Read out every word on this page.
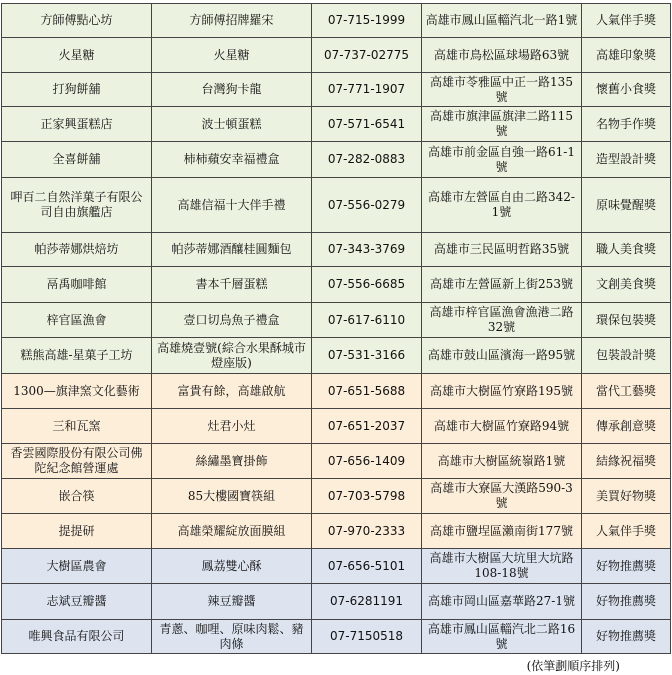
方師傅點心坊	方師傅招牌羅宋	07-715-1999	高雄市鳳山區輜汽北一路1號	人氣伴手獎
火星糖	火星糖	07-737-02775	高雄市鳥松區球場路63號	高雄印象獎
打狗餅舖	台灣狗卡龍	07-771-1907	高雄市苓雅區中正一路135號	懷舊小食獎
正家興蛋糕店	波士頓蛋糕	07-571-6541	高雄市旗津區旗津二路115號	名物手作獎
全喜餅舖	柿柿蘋安幸福禮盒	07-282-0883	高雄市前金區自強一路61-1號	造型設計獎
呷百二自然洋菓子有限公司自由旗艦店	高雄信福十大伴手禮	07-556-0279	高雄市左營區自由二路342-1號	原味覺醒獎
帕莎蒂娜烘焙坊	帕莎蒂娜酒釀桂圓麵包	07-343-3769	高雄市三民區明哲路35號	職人美食獎
鬲禹咖啡館	書本千層蛋糕	07-556-6685	高雄市左營區新上街253號	文創美食獎
梓官區漁會	壹口切烏魚子禮盒	07-617-6110	高雄市梓官區漁會漁港二路32號	環保包裝獎
糕熊高雄-星菓子工坊	高雄燒壹號(綜合水果酥城市燈座版)	07-531-3166	高雄市鼓山區濱海一路95號	包裝設計獎
1300—旗津窯文化藝術	富貴有餘，高雄啟航	07-651-5688	高雄市大樹區竹寮路195號	當代工藝獎
三和瓦窯	灶君小灶	07-651-2037	高雄市大樹區竹寮路94號	傳承創意獎
香雲國際股份有限公司佛陀紀念館營運處	絲繡墨寶掛飾	07-656-1409	高雄市大樹區統嶺路1號	結緣祝福獎
嵌合筷	85大樓國寶筷組	07-703-5798	高雄市大寮區大漢路590-3號	美買好物獎
提提研	高雄榮耀綻放面膜組	07-970-2333	高雄市鹽埕區瀨南街177號	人氣伴手獎
大樹區農會	鳳荔雙心酥	07-656-5101	高雄市大樹區大坑里大坑路108-18號	好物推薦獎
志斌豆瓣醬	辣豆瓣醬	07-6281191	高雄市岡山區嘉華路27-1號	好物推薦獎
唯興食品有限公司	青蔥、咖哩、原味肉鬆、豬肉條	07-7150518	高雄市鳳山區輜汽北二路16號	好物推薦獎
(依筆劃順序排列)
